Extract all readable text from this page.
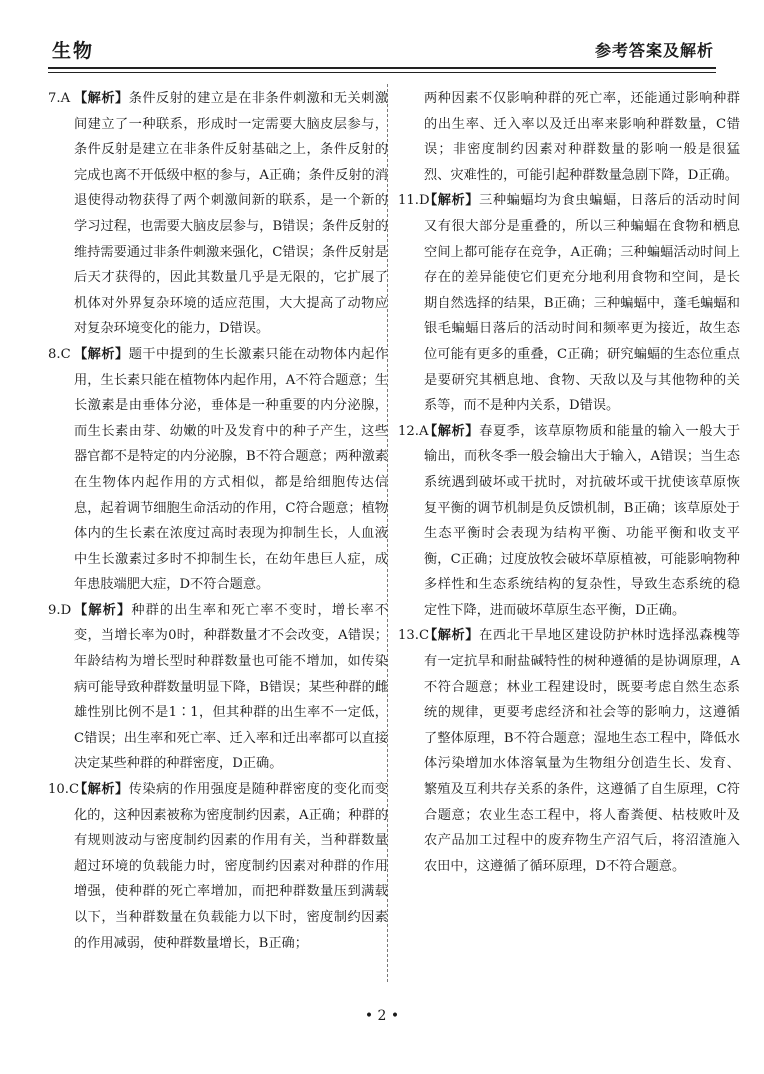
生物	参考答案及解析
7.A 【解析】条件反射的建立是在非条件刺激和无关刺激间建立了一种联系，形成时一定需要大脑皮层参与，条件反射是建立在非条件反射基础之上，条件反射的完成也离不开低级中枢的参与，A正确；条件反射的消退使得动物获得了两个刺激间新的联系，是一个新的学习过程，也需要大脑皮层参与，B错误；条件反射的维持需要通过非条件刺激来强化，C错误；条件反射是后天才获得的，因此其数量几乎是无限的，它扩展了机体对外界复杂环境的适应范围，大大提高了动物应对复杂环境变化的能力，D错误。
8.C 【解析】题干中提到的生长激素只能在动物体内起作用，生长素只能在植物体内起作用，A不符合题意；生长激素是由垂体分泌，垂体是一种重要的内分泌腺，而生长素由芽、幼嫩的叶及发育中的种子产生，这些器官都不是特定的内分泌腺，B不符合题意；两种激素在生物体内起作用的方式相似，都是给细胞传达信息，起着调节细胞生命活动的作用，C符合题意；植物体内的生长素在浓度过高时表现为抑制生长，人血液中生长激素过多时不抑制生长，在幼年患巨人症，成年患肢端肥大症，D不符合题意。
9.D 【解析】种群的出生率和死亡率不变时，增长率不变，当增长率为0时，种群数量才不会改变，A错误；年龄结构为增长型时种群数量也可能不增加，如传染病可能导致种群数量明显下降，B错误；某些种群的雌雄性别比例不是1∶1，但其种群的出生率不一定低，C错误；出生率和死亡率、迁入率和迁出率都可以直接决定某些种群的种群密度，D正确。
10.C
【解析】传染病的作用强度是随种群密度的变化而变化的，这种因素被称为密度制约因素，A正确；种群的有规则波动与密度制约因素的作用有关，当种群数量超过环境的负载能力时，密度制约因素对种群的作用增强，使种群的死亡率增加，而把种群数量压到满载以下，当种群数量在负载能力以下时，密度制约因素的作用减弱，使种群数量增长，B正确；
两种因素不仅影响种群的死亡率，还能通过影响种群的出生率、迁入率以及迁出率来影响种群数量，C错误；非密度制约因素对种群数量的影响一般是很猛烈、灾难性的，可能引起种群数量急剧下降，D正确。
11.D
【解析】三种蝙蝠均为食虫蝙蝠，日落后的活动时间又有很大部分是重叠的，所以三种蝙蝠在食物和栖息空间上都可能存在竞争，A正确；三种蝙蝠活动时间上存在的差异能使它们更充分地利用食物和空间，是长期自然选择的结果，B正确；三种蝙蝠中，蓬毛蝙蝠和银毛蝙蝠日落后的活动时间和频率更为接近，故生态位可能有更多的重叠，C正确；研究蝙蝠的生态位重点是要研究其栖息地、食物、天敌以及与其他物种的关系等，而不是种内关系，D错误。
12.A
【解析】春夏季，该草原物质和能量的输入一般大于输出，而秋冬季一般会输出大于输入，A错误；当生态系统遇到破坏或干扰时，对抗破坏或干扰使该草原恢复平衡的调节机制是负反馈机制，B正确；该草原处于生态平衡时会表现为结构平衡、功能平衡和收支平衡，C正确；过度放牧会破坏草原植被，可能影响物种多样性和生态系统结构的复杂性，导致生态系统的稳定性下降，进而破坏草原生态平衡，D正确。
13.C
【解析】在西北干旱地区建设防护林时选择泓森槐等有一定抗旱和耐盐碱特性的树种遵循的是协调原理，A不符合题意；林业工程建设时，既要考虑自然生态系统的规律，更要考虑经济和社会等的影响力，这遵循了整体原理，B不符合题意；湿地生态工程中，降低水体污染增加水体溶氧量为生物组分创造生长、发育、繁殖及互利共存关系的条件，这遵循了自生原理，C符合题意；农业生态工程中，将人畜粪便、枯枝败叶及农产品加工过程中的废弃物生产沼气后，将沼渣施入农田中，这遵循了循环原理，D不符合题意。
• 2 •
